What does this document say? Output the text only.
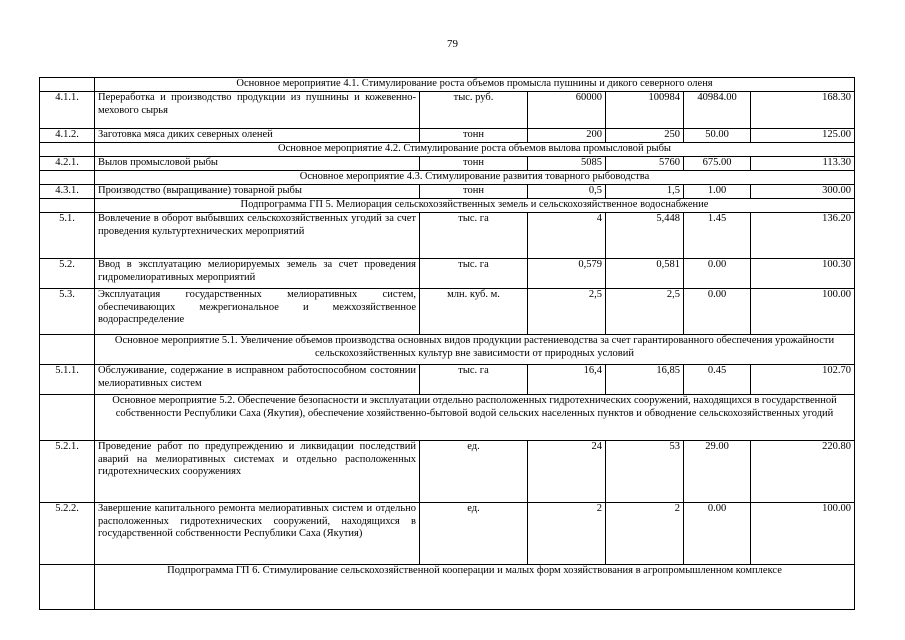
79
	Основное мероприятие 4.1. Стимулирование роста объемов промысла пушнины и дикого северного оленя					
4.1.1.	Переработка и производство продукции из пушнины и кожевенно-мехового сырья	тыс. руб.	60000	100984	40984.00	168.30
4.1.2.	Заготовка мяса диких северных оленей	тонн	200	250	50.00	125.00
	Основное мероприятие 4.2. Стимулирование роста объемов вылова промысловой рыбы					
4.2.1.	Вылов промысловой рыбы	тонн	5085	5760	675.00	113.30
	Основное мероприятие 4.3. Стимулирование развития товарного рыбоводства					
4.3.1.	Производство (выращивание) товарной рыбы	тонн	0,5	1,5	1.00	300.00
	Подпрограмма ГП 5. Мелиорация сельскохозяйственных земель и сельскохозяйственное водоснабжение					
5.1.	Вовлечение в оборот выбывших сельскохозяйственных угодий за счет проведения культуртехнических мероприятий	тыс. га	4	5,448	1.45	136.20
5.2.	Ввод в эксплуатацию мелиорируемых земель за счет проведения гидромелиоративных мероприятий	тыс. га	0,579	0,581	0.00	100.30
5.3.	Эксплуатация государственных мелиоративных систем, обеспечивающих межрегиональное и межхозяйственное водораспределение	млн. куб. м.	2,5	2,5	0.00	100.00
	Основное мероприятие 5.1. Увеличение объемов производства основных видов продукции растениеводства за счет гарантированного обеспечения урожайности сельскохозяйственных культур вне зависимости от природных условий					
5.1.1.	Обслуживание, содержание в исправном работоспособном состоянии мелиоративных систем	тыс. га	16,4	16,85	0.45	102.70
	Основное мероприятие 5.2. Обеспечение безопасности и эксплуатации отдельно расположенных гидротехнических сооружений, находящихся в государственной собственности Республики Саха (Якутия), обеспечение хозяйственно-бытовой водой сельских населенных пунктов и обводнение сельскохозяйственных угодий					
5.2.1.	Проведение работ по предупреждению и ликвидации последствий аварий на мелиоративных системах и отдельно расположенных гидротехнических сооружениях	ед.	24	53	29.00	220.80
5.2.2.	Завершение капитального ремонта мелиоративных систем и отдельно расположенных гидротехнических сооружений, находящихся в государственной собственности Республики Саха (Якутия)	ед.	2	2	0.00	100.00
	Подпрограмма ГП 6. Стимулирование сельскохозяйственной кооперации и малых форм хозяйствования в агропромышленном комплексе					
